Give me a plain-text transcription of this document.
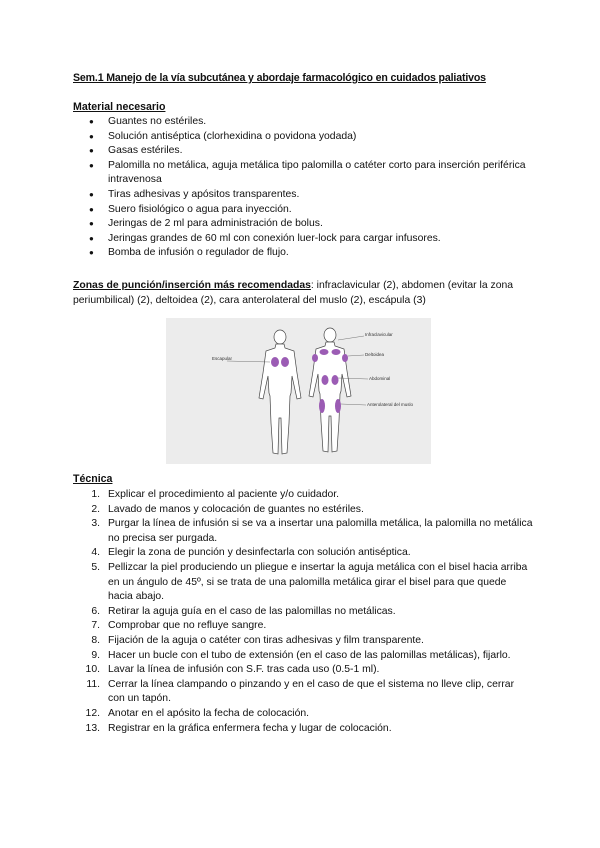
Sem.1 Manejo de la vía subcutánea y abordaje farmacológico en cuidados paliativos
Material necesario
● Guantes no estériles.
● Solución antiséptica (clorhexidina o povidona yodada)
● Gasas estériles.
● Palomilla no metálica, aguja metálica tipo palomilla o catéter corto para inserción periférica intravenosa
● Tiras adhesivas y apósitos transparentes.
● Suero fisiológico o agua para inyección.
● Jeringas de 2 ml para administración de bolus.
● Jeringas grandes de 60 ml con conexión luer-lock para cargar infusores.
● Bomba de infusión o regulador de flujo.
Zonas de punción/inserción más recomendadas: infraclavicular (2), abdomen (evitar la zona periumbilical) (2), deltoidea (2), cara anterolateral del muslo (2), escápula (3)
Escapular
Infraclavicular
Deltoidea
Abdominal
Anterolateral del muslo
Técnica
1. Explicar el procedimiento al paciente y/o cuidador.
2. Lavado de manos y colocación de guantes no estériles.
3. Purgar la línea de infusión si se va a insertar una palomilla metálica, la palomilla no metálica no precisa ser purgada.
4. Elegir la zona de punción y desinfectarla con solución antiséptica.
5. Pellizcar la piel produciendo un pliegue e insertar la aguja metálica con el bisel hacia arriba en un ángulo de 45º, si se trata de una palomilla metálica girar el bisel para que quede hacia abajo.
6. Retirar la aguja guía en el caso de las palomillas no metálicas.
7. Comprobar que no refluye sangre.
8. Fijación de la aguja o catéter con tiras adhesivas y film transparente.
9. Hacer un bucle con el tubo de extensión (en el caso de las palomillas metálicas), fijarlo.
10. Lavar la línea de infusión con S.F. tras cada uso (0.5-1 ml).
11. Cerrar la línea clampando o pinzando y en el caso de que el sistema no lleve clip, cerrar con un tapón.
12. Anotar en el apósito la fecha de colocación.
13. Registrar en la gráfica enfermera fecha y lugar de colocación.
